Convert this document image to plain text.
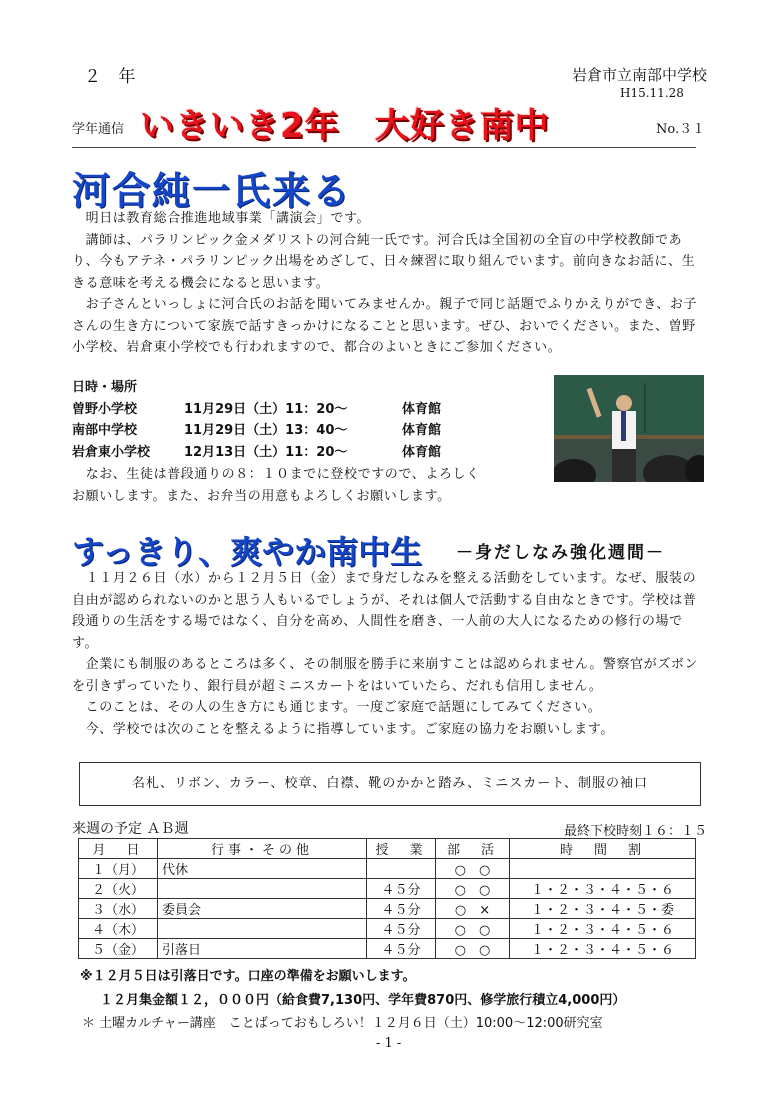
２ 年	岩倉市立南部中学校
H15.11.28
学年通信 いきいき2年　大好き南中	No.３１
河合純一氏来る
　明日は教育総合推進地域事業「講演会」です。
　講師は、パラリンピック金メダリストの河合純一氏です。河合氏は全国初の全盲の中学校教師であり、今もアテネ・パラリンピック出場をめざして、日々練習に取り組んでいます。前向きなお話に、生きる意味を考える機会になると思います。
　お子さんといっしょに河合氏のお話を聞いてみませんか。親子で同じ話題でふりかえりができ、お子さんの生き方について家族で話すきっかけになることと思います。ぜひ、おいでください。また、曽野小学校、岩倉東小学校でも行われますので、都合のよいときにご参加ください。
日時・場所
曽野小学校	11月29日（土）11：20～	体育館
南部中学校	11月29日（土）13：40～	体育館
岩倉東小学校	12月13日（土）11：20～	体育館
　なお、生徒は普段通りの８：１０までに登校ですので、よろしく
お願いします。また、お弁当の用意もよろしくお願いします。
すっきり、爽やか南中生 －身だしなみ強化週間－
　１１月２６日（水）から１２月５日（金）まで身だしなみを整える活動をしています。なぜ、服装の自由が認められないのかと思う人もいるでしょうが、それは個人で活動する自由なときです。学校は普段通りの生活をする場ではなく、自分を高め、人間性を磨き、一人前の大人になるための修行の場です。
　企業にも制服のあるところは多く、その制服を勝手に来崩すことは認められません。警察官がズボンを引きずっていたり、銀行員が超ミニスカートをはいていたら、だれも信用しません。
　このことは、その人の生き方にも通じます。一度ご家庭で話題にしてみてください。
　今、学校では次のことを整えるように指導しています。ご家庭の協力をお願いします。
名札、リボン、カラー、校章、白襟、靴のかかと踏み、ミニスカート、制服の袖口
来週の予定 ＡＢ週	最終下校時刻１６：１５
月　日	行事・その他	授　業	部　活	時　間　割
１（月）	代休		○　○	
２（火）		４５分	○　○	１・２・３・４・５・６
３（水）	委員会	４５分	○　×	１・２・３・４・５・委
４（木）		４５分	○　○	１・２・３・４・５・６
５（金）	引落日	４５分	○　○	１・２・３・４・５・６
※１２月５日は引落日です。口座の準備をお願いします。
１２月集金額１２，０００円（給食費7,130円、学年費870円、修学旅行積立4,000円）
＊ 土曜カルチャー講座　ことばっておもしろい！１２月６日（土）10:00～12:00研究室
- 1 -
